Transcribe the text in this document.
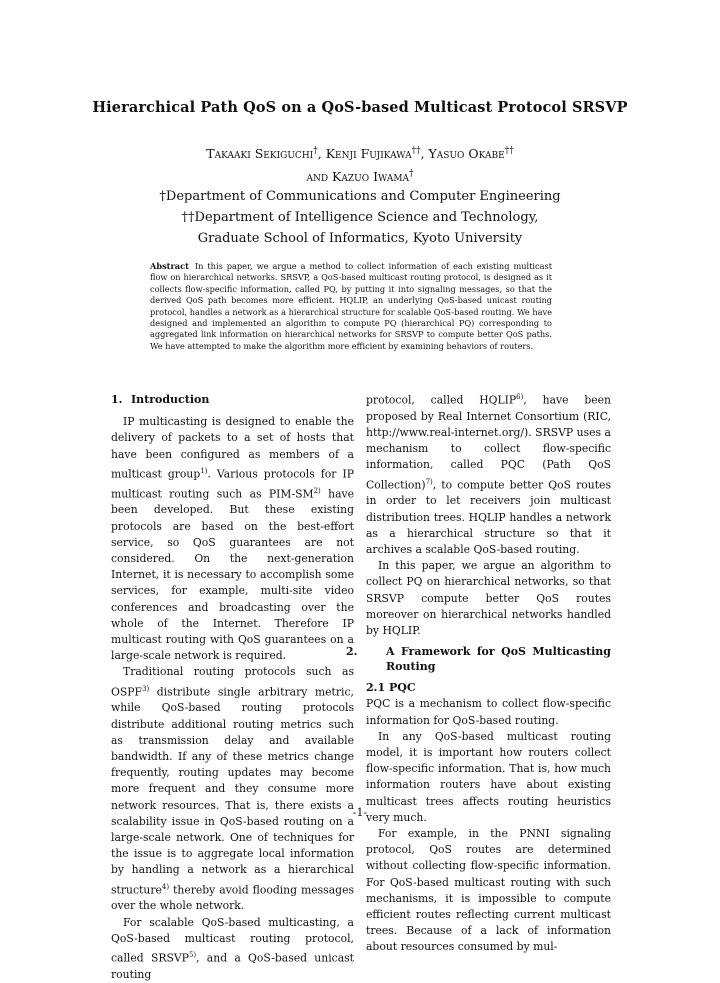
Hierarchical Path QoS on a QoS-based Multicast Protocol SRSVP
Takaaki Sekiguchi†, Kenji Fujikawa††, Yasuo Okabe††
and Kazuo Iwama†
†Department of Communications and Computer Engineering
††Department of Intelligence Science and Technology,
Graduate School of Informatics, Kyoto University
Abstract In this paper, we argue a method to collect information of each existing multicast flow on hierarchical networks. SRSVP, a QoS-based multicast routing protocol, is designed as it collects flow-specific information, called PQ, by putting it into signaling messages, so that the derived QoS path becomes more efficient. HQLIP, an underlying QoS-based unicast routing protocol, handles a network as a hierarchical structure for scalable QoS-based routing. We have designed and implemented an algorithm to compute PQ (hierarchical PQ) corresponding to aggregated link information on hierarchical networks for SRSVP to compute better QoS paths. We have attempted to make the algorithm more efficient by examining behaviors of routers.
1. Introduction

IP multicasting is designed to enable the delivery of packets to a set of hosts that have been configured as members of a multicast group$^{1)}$. Various protocols for IP multicast routing such as PIM-SM$^{2)}$ have been developed. But these existing protocols are based on the best-effort service, so QoS guarantees are not considered. On the next-generation Internet, it is necessary to accomplish some services, for example, multi-site video conferences and broadcasting over the whole of the Internet. Therefore IP multicast routing with QoS guarantees on a large-scale network is required.

Traditional routing protocols such as OSPF$^{3)}$ distribute single arbitrary metric, while QoS-based routing protocols distribute additional routing metrics such as transmission delay and available bandwidth. If any of these metrics change frequently, routing updates may become more frequent and they consume more network resources. That is, there exists a scalability issue in QoS-based routing on a large-scale network. One of techniques for the issue is to aggregate local information by handling a network as a hierarchical structure$^{4)}$ thereby avoid flooding messages over the whole network.

For scalable QoS-based multicasting, a QoS-based multicast routing protocol, called SRSVP$^{5)}$, and a QoS-based unicast routing

protocol, called HQLIP$^{6)}$, have been proposed by Real Internet Consortium (RIC, http://www.real-internet.org/). SRSVP uses a mechanism to collect flow-specific information, called PQC (Path QoS Collection)$^{7)}$, to compute better QoS routes in order to let receivers join multicast distribution trees. HQLIP handles a network as a hierarchical structure so that it archives a scalable QoS-based routing.

In this paper, we argue an algorithm to collect PQ on hierarchical networks, so that SRSVP compute better QoS routes moreover on hierarchical networks handled by HQLIP.

2.	A Framework for QoS Multicasting Routing
2.1 PQC

PQC is a mechanism to collect flow-specific information for QoS-based routing.

In any QoS-based multicast routing model, it is important how routers collect flow-specific information. That is, how much information routers have about existing multicast trees affects routing heuristics very much.

For example, in the PNNI signaling protocol, QoS routes are determined without collecting flow-specific information. For QoS-based multicast routing with such mechanisms, it is impossible to compute efficient routes reflecting current multicast trees. Because of a lack of information about resources consumed by mul-

-1-
